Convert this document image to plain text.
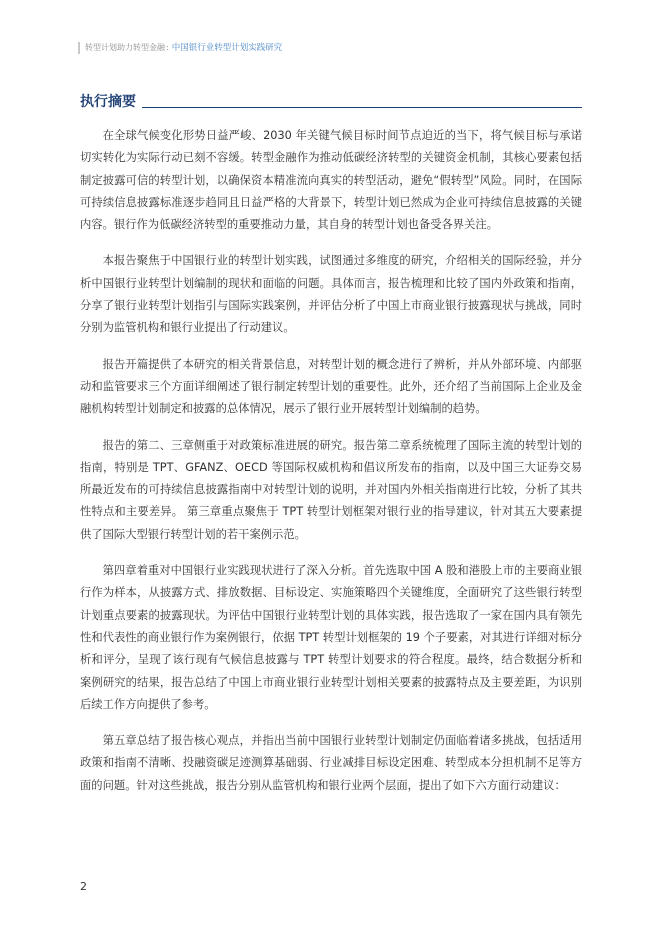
转型计划助力转型金融 : 中国银行业转型计划实践研究
执行摘要

在全球气候变化形势日益严峻、2030 年关键气候目标时间节点迫近的当下，将气候目标与承诺切实转化为实际行动已刻不容缓。转型金融作为推动低碳经济转型的关键资金机制，其核心要素包括制定披露可信的转型计划，以确保资本精准流向真实的转型活动，避免“假转型”风险。同时，在国际可持续信息披露标准逐步趋同且日益严格的大背景下，转型计划已然成为企业可持续信息披露的关键内容。银行作为低碳经济转型的重要推动力量，其自身的转型计划也备受各界关注。

本报告聚焦于中国银行业的转型计划实践，试图通过多维度的研究，介绍相关的国际经验，并分析中国银行业转型计划编制的现状和面临的问题。具体而言，报告梳理和比较了国内外政策和指南，分享了银行业转型计划指引与国际实践案例，并评估分析了中国上市商业银行披露现状与挑战，同时分别为监管机构和银行业提出了行动建议。

报告开篇提供了本研究的相关背景信息，对转型计划的概念进行了辨析，并从外部环境、内部驱动和监管要求三个方面详细阐述了银行制定转型计划的重要性。此外，还介绍了当前国际上企业及金融机构转型计划制定和披露的总体情况，展示了银行业开展转型计划编制的趋势。

报告的第二、三章侧重于对政策标准进展的研究。报告第二章系统梳理了国际主流的转型计划的指南，特别是 TPT、GFANZ、OECD 等国际权威机构和倡议所发布的指南，以及中国三大证券交易所最近发布的可持续信息披露指南中对转型计划的说明，并对国内外相关指南进行比较，分析了其共性特点和主要差异。 第三章重点聚焦于 TPT 转型计划框架对银行业的指导建议，针对其五大要素提供了国际大型银行转型计划的若干案例示范。

第四章着重对中国银行业实践现状进行了深入分析。首先选取中国 A 股和港股上市的主要商业银行作为样本，从披露方式、排放数据、目标设定、实施策略四个关键维度，全面研究了这些银行转型计划重点要素的披露现状。为评估中国银行业转型计划的具体实践，报告选取了一家在国内具有领先性和代表性的商业银行作为案例银行，依据 TPT 转型计划框架的 19 个子要素，对其进行详细对标分析和评分，呈现了该行现有气候信息披露与 TPT 转型计划要求的符合程度。最终，结合数据分析和案例研究的结果，报告总结了中国上市商业银行业转型计划相关要素的披露特点及主要差距，为识别后续工作方向提供了参考。

第五章总结了报告核心观点，并指出当前中国银行业转型计划制定仍面临着诸多挑战，包括适用政策和指南不清晰、投融资碳足迹测算基础弱、行业减排目标设定困难、转型成本分担机制不足等方面的问题。针对这些挑战，报告分别从监管机构和银行业两个层面，提出了如下六方面行动建议：

2
